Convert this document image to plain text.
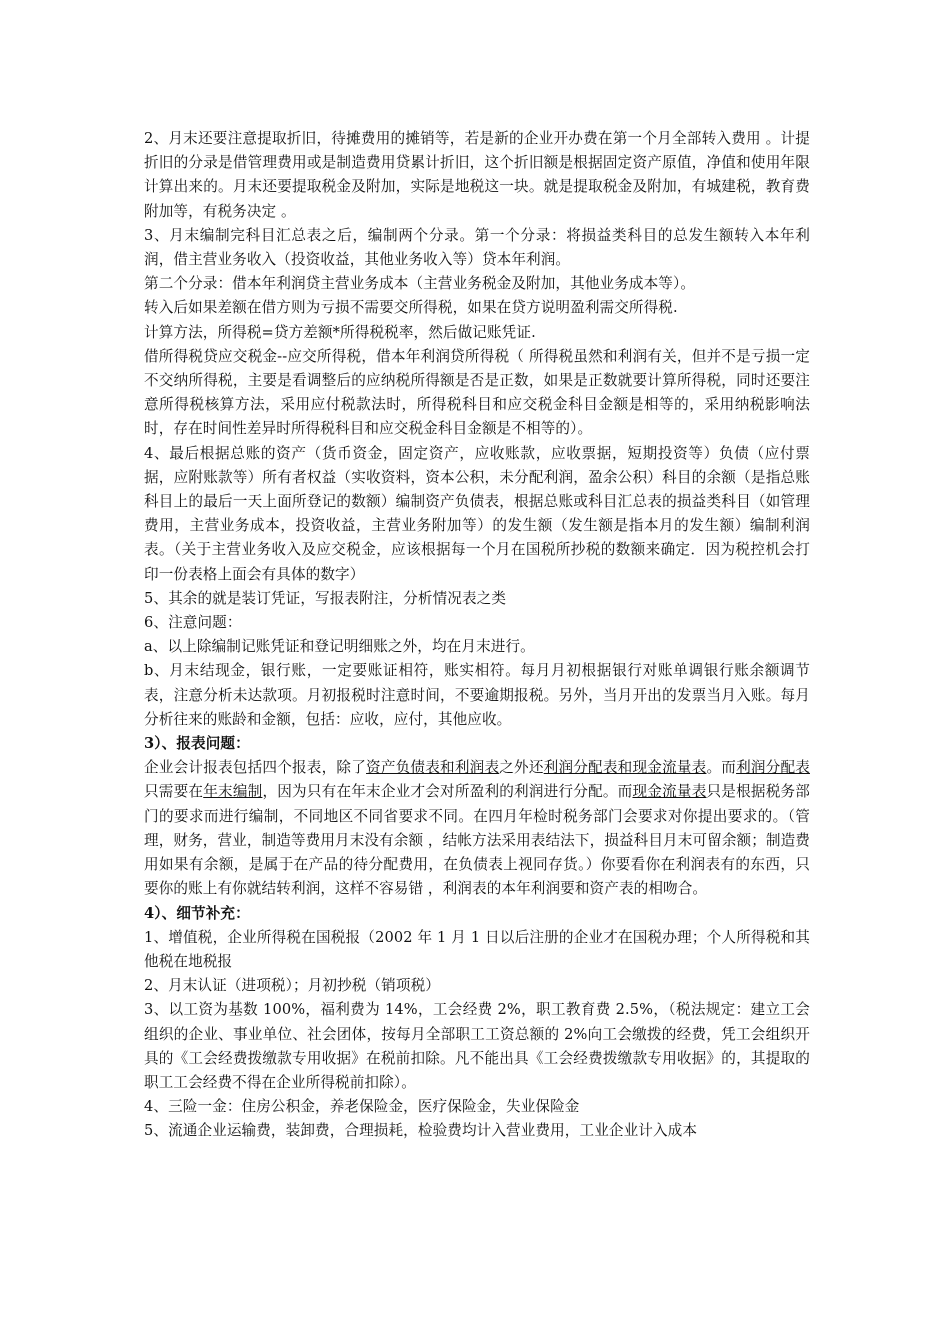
2、月末还要注意提取折旧，待摊费用的摊销等，若是新的企业开办费在第一个月全部转入费用 。计提折旧的分录是借管理费用或是制造费用贷累计折旧，这个折旧额是根据固定资产原值，净值和使用年限计算出来的。月末还要提取税金及附加，实际是地税这一块。就是提取税金及附加，有城建税，教育费附加等，有税务决定 。

3、月末编制完科目汇总表之后，编制两个分录。第一个分录：将损益类科目的总发生额转入本年利润，借主营业务收入（投资收益，其他业务收入等）贷本年利润。

第二个分录：借本年利润贷主营业务成本（主营业务税金及附加，其他业务成本等）。

转入后如果差额在借方则为亏损不需要交所得税，如果在贷方说明盈利需交所得税.

计算方法，所得税=贷方差额*所得税税率，然后做记账凭证.

借所得税贷应交税金--应交所得税，借本年利润贷所得税（ 所得税虽然和利润有关，但并不是亏损一定不交纳所得税，主要是看调整后的应纳税所得额是否是正数，如果是正数就要计算所得税，同时还要注意所得税核算方法，采用应付税款法时，所得税科目和应交税金科目金额是相等的，采用纳税影响法时，存在时间性差异时所得税科目和应交税金科目金额是不相等的）。

4、最后根据总账的资产（货币资金，固定资产，应收账款，应收票据，短期投资等）负债（应付票据，应附账款等）所有者权益（实收资料，资本公积，未分配利润，盈余公积）科目的余额（是指总账科目上的最后一天上面所登记的数额）编制资产负债表，根据总账或科目汇总表的损益类科目（如管理费用，主营业务成本，投资收益，主营业务附加等）的发生额（发生额是指本月的发生额）编制利润表。（关于主营业务收入及应交税金，应该根据每一个月在国税所抄税的数额来确定．因为税控机会打印一份表格上面会有具体的数字）

5、其余的就是装订凭证，写报表附注，分析情况表之类

6、注意问题：

a、以上除编制记账凭证和登记明细账之外，均在月末进行。

b、月末结现金，银行账，一定要账证相符，账实相符。每月月初根据银行对账单调银行账余额调节表，注意分析未达款项。月初报税时注意时间，不要逾期报税。另外，当月开出的发票当月入账。每月分析往来的账龄和金额，包括：应收，应付，其他应收。

3）、报表问题：

企业会计报表包括四个报表，除了资产负债表和利润表之外还利润分配表和现金流量表。而利润分配表只需要在年末编制，因为只有在年末企业才会对所盈利的利润进行分配。而现金流量表只是根据税务部门的要求而进行编制，不同地区不同省要求不同。在四月年检时税务部门会要求对你提出要求的。（管理，财务，营业，制造等费用月末没有余额 ，结帐方法采用表结法下，损益科目月末可留余额；制造费用如果有余额，是属于在产品的待分配费用，在负债表上视同存货。）你要看你在利润表有的东西，只要你的账上有你就结转利润，这样不容易错 ，利润表的本年利润要和资产表的相吻合。

4）、细节补充：

1、增值税，企业所得税在国税报（2002 年 1 月 1 日以后注册的企业才在国税办理；个人所得税和其他税在地税报

2、月末认证（进项税）；月初抄税（销项税）

3、以工资为基数 100%，福利费为 14%，工会经费 2%，职工教育费 2.5%，（税法规定：建立工会组织的企业、事业单位、社会团体，按每月全部职工工资总额的 2%向工会缴拨的经费，凭工会组织开具的《工会经费拨缴款专用收据》在税前扣除。凡不能出具《工会经费拨缴款专用收据》的，其提取的职工工会经费不得在企业所得税前扣除）。

4、三险一金：住房公积金，养老保险金，医疗保险金，失业保险金

5、流通企业运输费，装卸费，合理损耗，检验费均计入营业费用，工业企业计入成本
